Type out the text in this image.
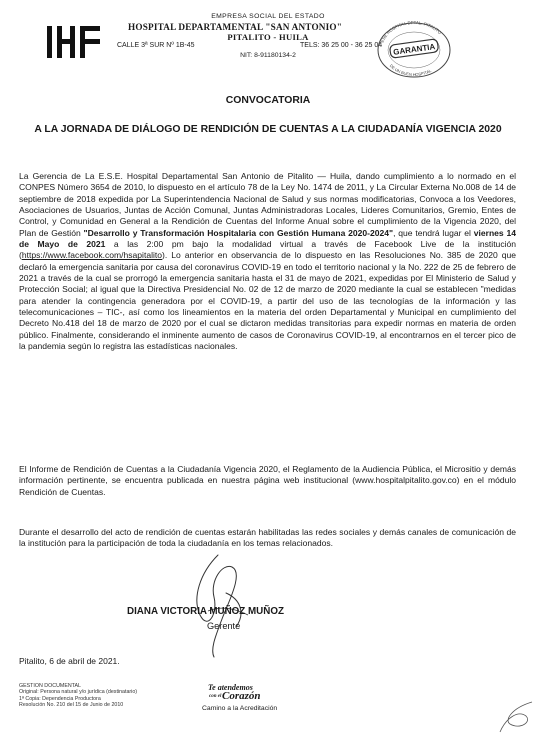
EMPRESA SOCIAL DEL ESTADO
HOSPITAL DEPARTAMENTAL "SAN ANTONIO"
PITALITO - HUILA
CALLE 3ª SUR Nº 1B-45	TELS: 36 25 00 - 36 25 04
NIT: 8-91180134-2
ESE HOSPITAL DPTAL. PITALITO
GARANTIA
DE UN BUEN HOSPITAL
CONVOCATORIA
A LA JORNADA DE DIÁLOGO DE RENDICIÓN DE CUENTAS A LA CIUDADANÍA VIGENCIA 2020
La Gerencia de La E.S.E. Hospital Departamental San Antonio de Pitalito — Huila, dando cumplimiento a lo normado en el CONPES Número 3654 de 2010, lo dispuesto en el artículo 78 de la Ley No. 1474 de 2011, y La Circular Externa No.008 de 14 de septiembre de 2018 expedida por La Superintendencia Nacional de Salud y sus normas modificatorias, Convoca a los Veedores, Asociaciones de Usuarios, Juntas de Acción Comunal, Juntas Administradoras Locales, Lideres Comunitarios, Gremio, Entes de Control, y Comunidad en General a la Rendición de Cuentas del Informe Anual sobre el cumplimiento de la Vigencia 2020, del Plan de Gestión "Desarrollo y Transformación Hospitalaria con Gestión Humana 2020-2024", que tendrá lugar el viernes 14 de Mayo de 2021 a las 2:00 pm bajo la modalidad virtual a través de Facebook Live de la institución (https://www.facebook.com/hsapitalito). Lo anterior en observancia de lo dispuesto en las Resoluciones No. 385 de 2020 que declaró la emergencia sanitaria por causa del coronavirus COVID-19 en todo el territorio nacional y la No. 222 de 25 de febrero de 2021 a través de la cual se prorrogó la emergencia sanitaria hasta el 31 de mayo de 2021, expedidas por El Ministerio de Salud y Protección Social; al igual que la Directiva Presidencial No. 02 de 12 de marzo de 2020 mediante la cual se establecen "medidas para atender la contingencia generadora por el COVID-19, a partir del uso de las tecnologías de la información y las telecomunicaciones – TIC-, así como los lineamientos en la materia del orden Departamental y Municipal en cumplimiento del Decreto No.418 del 18 de marzo de 2020 por el cual se dictaron medidas transitorias para expedir normas en materia de orden público. Finalmente, considerando el inminente aumento de casos de Coronavirus COVID-19, al encontrarnos en el tercer pico de la pandemia según lo registra las estadísticas nacionales.
El Informe de Rendición de Cuentas a la Ciudadanía Vigencia 2020, el Reglamento de la Audiencia Pública, el Micrositio y demás información pertinente, se encuentra publicada en nuestra página web institucional (www.hospitalpitalito.gov.co) en el módulo Rendición de Cuentas.
Durante el desarrollo del acto de rendición de cuentas estarán habilitadas las redes sociales y demás canales de comunicación de la institución para la participación de toda la ciudadanía en los temas relacionados.
DIANA VICTORIA MUÑOZ MUÑOZ
Gerente
Pitalito, 6 de abril de 2021.
GESTION DOCUMENTAL
Original: Persona natural y/o jurídica (destinatario)
1ª Copia: Dependencia Productora
Resolución No. 210 del 15 de Junio de 2010
Te atendemos
con el Corazón
Camino a la Acreditación
